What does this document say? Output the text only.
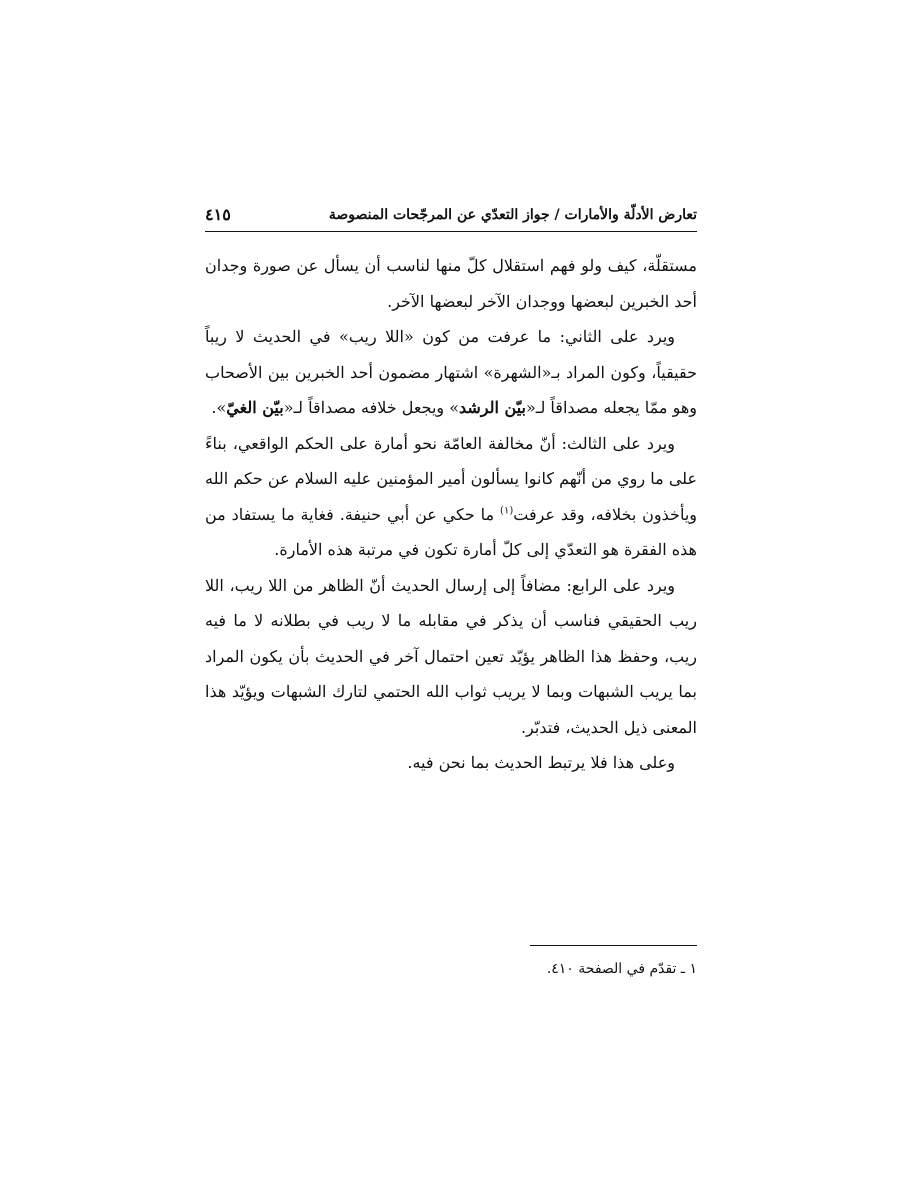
تعارض الأدلّة والأمارات / جواز التعدّي عن المرجّحات المنصوصة
٤١٥

مستقلّة، كيف ولو فهم استقلال كلّ منها لناسب أن يسأل عن صورة وجدان أحد الخبرين لبعضها ووجدان الآخر لبعضها الآخر.

ويرد على الثاني: ما عرفت من كون «اللا ريب» في الحديث لا ريباً حقيقياً، وكون المراد بـ«الشهرة» اشتهار مضمون أحد الخبرين بين الأصحاب وهو ممّا يجعله مصداقاً لـ«بيّن الرشد» ويجعل خلافه مصداقاً لـ«بيّن الغيّ».

ويرد على الثالث: أنّ مخالفة العامّة نحو أمارة على الحكم الواقعي، بناءً على ما روي من أنّهم كانوا يسألون أمير المؤمنين عليه السلام عن حكم الله ويأخذون بخلافه، وقد عرفت$^{(١)}$ ما حكي عن أبي حنيفة. فغاية ما يستفاد من هذه الفقرة هو التعدّي إلى كلّ أمارة تكون في مرتبة هذه الأمارة.

ويرد على الرابع: مضافاً إلى إرسال الحديث أنّ الظاهر من اللا ريب، اللا ريب الحقيقي فناسب أن يذكر في مقابله ما لا ريب في بطلانه لا ما فيه ريب، وحفظ هذا الظاهر يؤيّد تعين احتمال آخر في الحديث بأن يكون المراد بما يريب الشبهات وبما لا يريب ثواب الله الحتمي لتارك الشبهات ويؤيّد هذا المعنى ذيل الحديث، فتدبّر.

وعلى هذا فلا يرتبط الحديث بما نحن فيه.

١ ـ تقدّم في الصفحة ٤١٠.
